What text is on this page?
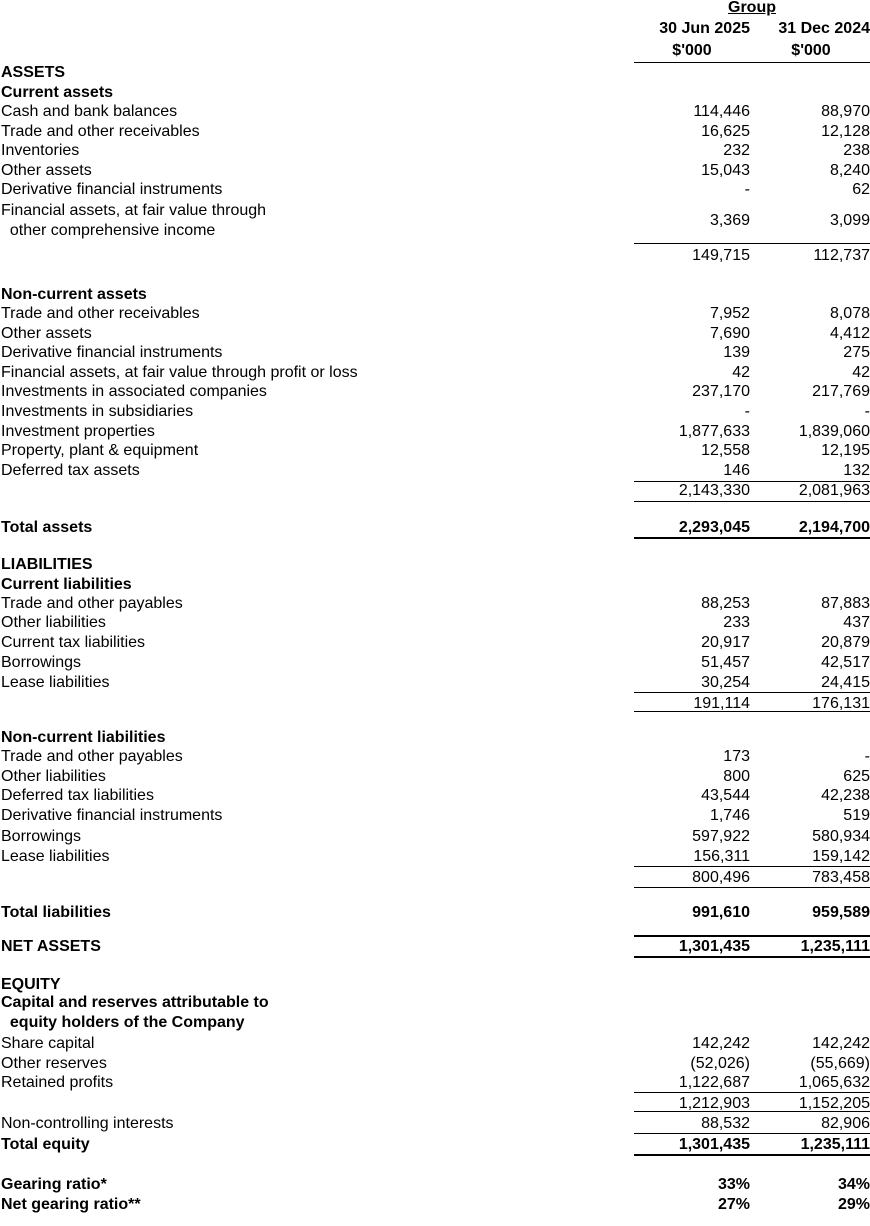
Group
30 Jun 2025	31 Dec 2024
$'000	$'000
ASSETS
Current assets
Cash and bank balances	114,446	88,970
Trade and other receivables	16,625	12,128
Inventories	232	238
Other assets	15,043	8,240
Derivative financial instruments	-	62
Financial assets, at fair value through
other comprehensive income
3,369	3,099
149,715	112,737
Non-current assets
Trade and other receivables	7,952	8,078
Other assets	7,690	4,412
Derivative financial instruments	139	275
Financial assets, at fair value through profit or loss	42	42
Investments in associated companies	237,170	217,769
Investments in subsidiaries	-	-
Investment properties	1,877,633	1,839,060
Property, plant & equipment	12,558	12,195
Deferred tax assets	146	132
2,143,330	2,081,963
Total assets	2,293,045	2,194,700
LIABILITIES
Current liabilities
Trade and other payables	88,253	87,883
Other liabilities	233	437
Current tax liabilities	20,917	20,879
Borrowings	51,457	42,517
Lease liabilities	30,254	24,415
191,114	176,131
Non-current liabilities
Trade and other payables	173	-
Other liabilities	800	625
Deferred tax liabilities	43,544	42,238
Derivative financial instruments	1,746	519
Borrowings	597,922	580,934
Lease liabilities	156,311	159,142
800,496	783,458
Total liabilities	991,610	959,589
NET ASSETS	1,301,435	1,235,111
EQUITY
Capital and reserves attributable to
equity holders of the Company
Share capital	142,242	142,242
Other reserves	(52,026)	(55,669)
Retained profits	1,122,687	1,065,632
1,212,903	1,152,205
Non-controlling interests	88,532	82,906
Total equity	1,301,435	1,235,111
Gearing ratio*	33%	34%
Net gearing ratio**	27%	29%
